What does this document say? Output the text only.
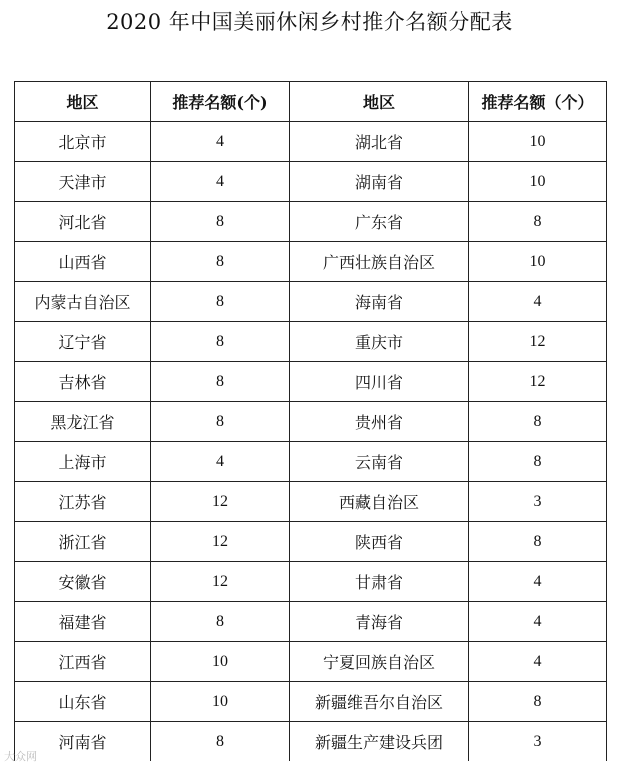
2020 年中国美丽休闲乡村推介名额分配表
地区	推荐名额(个)	地区	推荐名额（个）
北京市	4	湖北省	10
天津市	4	湖南省	10
河北省	8	广东省	8
山西省	8	广西壮族自治区	10
内蒙古自治区	8	海南省	4
辽宁省	8	重庆市	12
吉林省	8	四川省	12
黑龙江省	8	贵州省	8
上海市	4	云南省	8
江苏省	12	西藏自治区	3
浙江省	12	陕西省	8
安徽省	12	甘肃省	4
福建省	8	青海省	4
江西省	10	宁夏回族自治区	4
山东省	10	新疆维吾尔自治区	8
河南省	8	新疆生产建设兵团	3
大众网
